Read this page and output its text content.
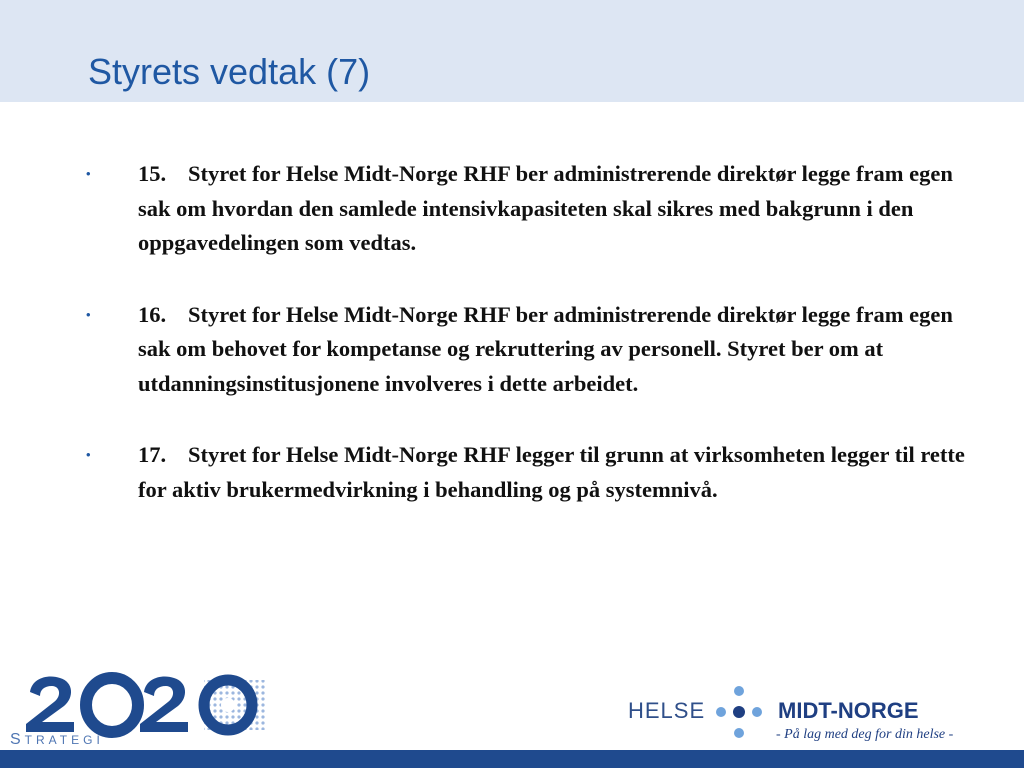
Styrets vedtak (7)
•	15. Styret for Helse Midt-Norge RHF ber administrerende direktør legge fram egen sak om hvordan den samlede intensivkapasiteten skal sikres med bakgrunn i den oppgavedelingen som vedtas.
•	16. Styret for Helse Midt-Norge RHF ber administrerende direktør legge fram egen sak om behovet for kompetanse og rekruttering av personell. Styret ber om at utdanningsinstitusjonene involveres i dette arbeidet.
•	17. Styret for Helse Midt-Norge RHF legger til grunn at virksomheten legger til rette for aktiv brukermedvirkning i behandling og på systemnivå.
STRATEGI
HELSE	MIDT-NORGE
- På lag med deg for din helse -
